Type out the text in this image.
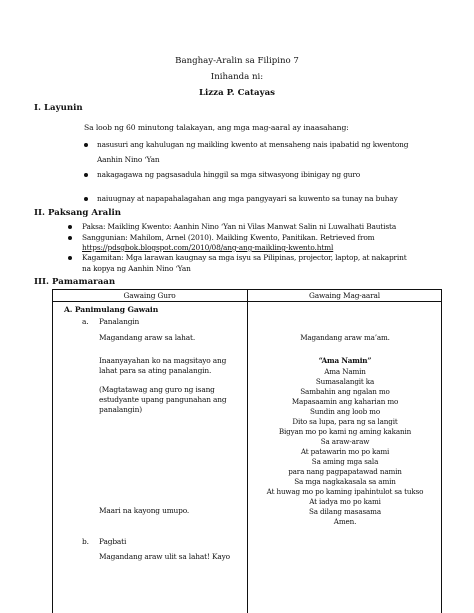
Banghay-Aralin sa Filipino 7
Inihanda ni:
Lizza P. Catayas
I. Layunin
Sa loob ng 60 minutong talakayan, ang mga mag-aaral ay inaasahang:
nasusuri ang kahulugan ng maikling kwento at mensaheng nais ipabatid ng kwentong
Aanhin Nino ‘Yan
nakagagawa ng pagsasadula hinggil sa mga sitwasyong ibinigay ng guro
naiuugnay at napapahalagahan ang mga pangyayari sa kuwento sa tunay na buhay
II. Paksang Aralin
Paksa: Maikling Kwento: Aanhin Nino ‘Yan ni Vilas Manwat Salin ni Luwalhati Bautista
Sanggunian: Mahilom, Arnel (2010). Maikling Kwento, Panitikan. Retrieved from
https://pdsgbok.blogspot.com/2010/08/ang-ang-maikling-kwento.html
Kagamitan: Mga larawan kaugnay sa mga isyu sa Pilipinas, projector, laptop, at nakaprint
na kopya ng Aanhin Nino ‘Yan
III. Pamamaraan
Gawaing Guro	Gawaing Mag-aaral
A. Panimulang Gawain
a. Panalangin
Magandang araw sa lahat.
Inaanyayahan ko na magsitayo ang
lahat para sa ating panalangin.
(Magtatawag ang guro ng isang
estudyante upang pangunahan ang
panalangin)
Maari na kayong umupo.
b. Pagbati
Magandang araw ulit sa lahat! Kayo
Magandang araw ma’am.
“Ama Namin”
Ama Namin
Sumasalangit ka
Sambahin ang ngalan mo
Mapasaamin ang kaharian mo
Sundin ang loob mo
Dito sa lupa, para ng sa langit
Bigyan mo po kami ng aming kakanin
Sa araw-araw
At patawarin mo po kami
Sa aming mga sala
para nang pagpapatawad namin
Sa mga nagkakasala sa amin
At huwag mo po kaming ipahintulot sa tukso
At iadya mo po kami
Sa dilang masasama
Amen.
